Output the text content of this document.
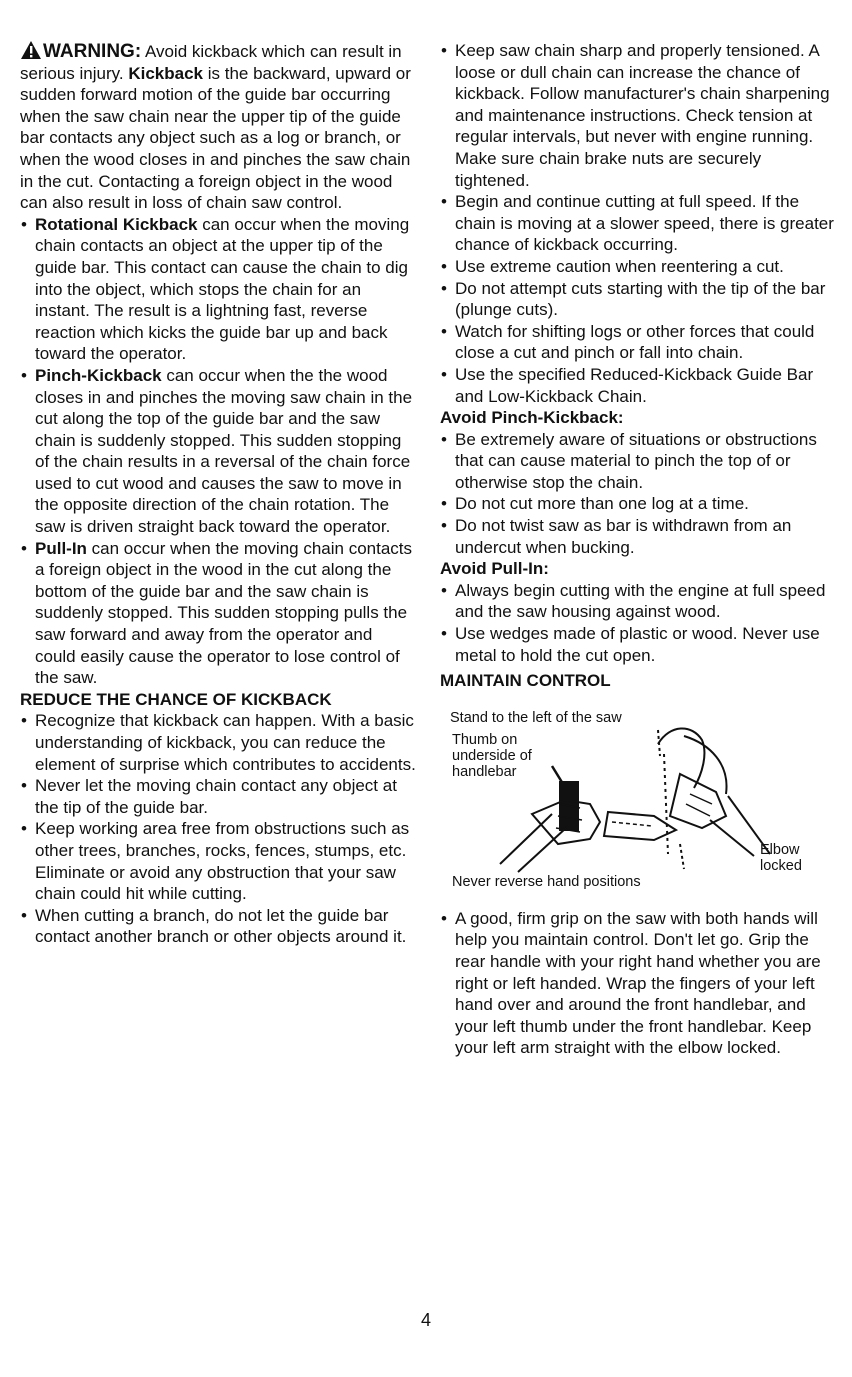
WARNING: Avoid kickback which can result in serious injury. Kickback is the backward, upward or sudden forward motion of the guide bar occurring when the saw chain near the upper tip of the guide bar contacts any object such as a log or branch, or when the wood closes in and pinches the saw chain in the cut. Contacting a foreign object in the wood can also result in loss of chain saw control.

• Rotational Kickback can occur when the moving chain contacts an object at the upper tip of the guide bar. This contact can cause the chain to dig into the object, which stops the chain for an instant. The result is a lightning fast, reverse reaction which kicks the guide bar up and back toward the operator.
• Pinch-Kickback can occur when the the wood closes in and pinches the moving saw chain in the cut along the top of the guide bar and the saw chain is suddenly stopped. This sudden stopping of the chain results in a reversal of the chain force used to cut wood and causes the saw to move in the opposite direction of the chain rotation. The saw is driven straight back toward the operator.
• Pull-In can occur when the moving chain contacts a foreign object in the wood in the cut along the bottom of the guide bar and the saw chain is suddenly stopped. This sudden stopping pulls the saw forward and away from the operator and could easily cause the operator to lose control of the saw.
REDUCE THE CHANCE OF KICKBACK
• Recognize that kickback can happen. With a basic understanding of kickback, you can reduce the element of surprise which contributes to accidents.
• Never let the moving chain contact any object at the tip of the guide bar.
• Keep working area free from obstructions such as other trees, branches, rocks, fences, stumps, etc. Eliminate or avoid any obstruction that your saw chain could hit while cutting.
• When cutting a branch, do not let the guide bar contact another branch or other objects around it.
• Keep saw chain sharp and properly tensioned. A loose or dull chain can increase the chance of kickback. Follow manufacturer's chain sharpening and maintenance instructions. Check tension at regular intervals, but never with engine running. Make sure chain brake nuts are securely tightened.
• Begin and continue cutting at full speed. If the chain is moving at a slower speed, there is greater chance of kickback occurring.
• Use extreme caution when reentering a cut.
• Do not attempt cuts starting with the tip of the bar (plunge cuts).
• Watch for shifting logs or other forces that could close a cut and pinch or fall into chain.
• Use the specified Reduced-Kickback Guide Bar and Low-Kickback Chain.
Avoid Pinch-Kickback:
• Be extremely aware of situations or obstructions that can cause material to pinch the top of or otherwise stop the chain.
• Do not cut more than one log at a time.
• Do not twist saw as bar is withdrawn from an undercut when bucking.
Avoid Pull-In:
• Always begin cutting with the engine at full speed and the saw housing against wood.
• Use wedges made of plastic or wood. Never use metal to hold the cut open.
MAINTAIN CONTROL
Stand to the left of the saw
Thumb on underside of handlebar
Elbow locked
Never reverse hand positions
• A good, firm grip on the saw with both hands will help you maintain control. Don't let go. Grip the rear handle with your right hand whether you are right or left handed. Wrap the fingers of your left hand over and around the front handlebar, and your left thumb under the front handlebar. Keep your left arm straight with the elbow locked.
4
